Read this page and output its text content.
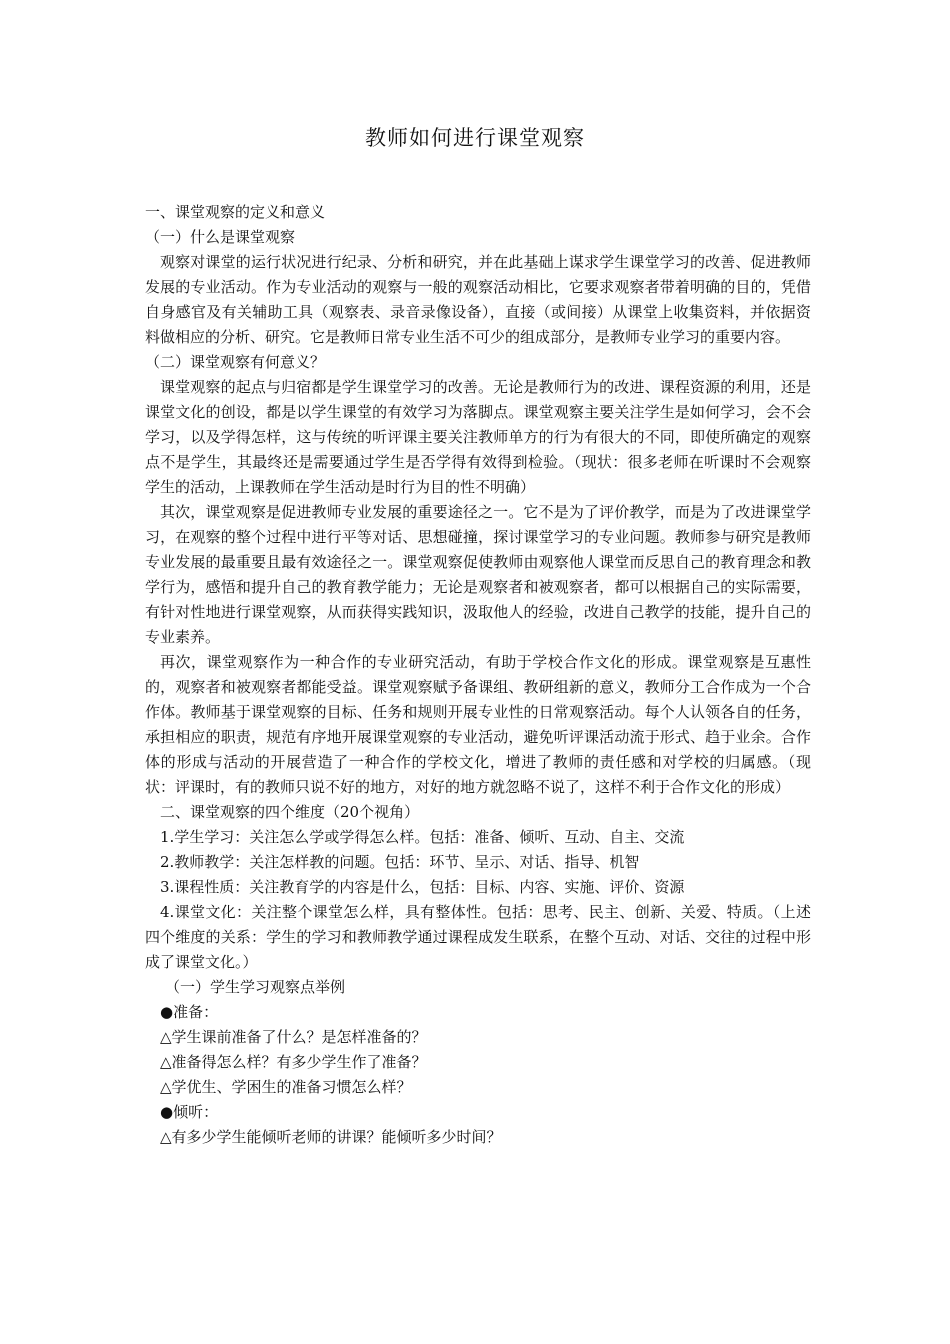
教师如何进行课堂观察

一、课堂观察的定义和意义

（一）什么是课堂观察

观察对课堂的运行状况进行纪录、分析和研究，并在此基础上谋求学生课堂学习的改善、促进教师发展的专业活动。作为专业活动的观察与一般的观察活动相比，它要求观察者带着明确的目的，凭借自身感官及有关辅助工具（观察表、录音录像设备），直接（或间接）从课堂上收集资料，并依据资料做相应的分析、研究。它是教师日常专业生活不可少的组成部分，是教师专业学习的重要内容。

（二）课堂观察有何意义？

课堂观察的起点与归宿都是学生课堂学习的改善。无论是教师行为的改进、课程资源的利用，还是课堂文化的创设，都是以学生课堂的有效学习为落脚点。课堂观察主要关注学生是如何学习，会不会学习，以及学得怎样，这与传统的听评课主要关注教师单方的行为有很大的不同，即使所确定的观察点不是学生，其最终还是需要通过学生是否学得有效得到检验。（现状：很多老师在听课时不会观察学生的活动，上课教师在学生活动是时行为目的性不明确）

其次，课堂观察是促进教师专业发展的重要途径之一。它不是为了评价教学，而是为了改进课堂学习，在观察的整个过程中进行平等对话、思想碰撞，探讨课堂学习的专业问题。教师参与研究是教师专业发展的最重要且最有效途径之一。课堂观察促使教师由观察他人课堂而反思自己的教育理念和教学行为，感悟和提升自己的教育教学能力；无论是观察者和被观察者，都可以根据自己的实际需要，有针对性地进行课堂观察，从而获得实践知识，汲取他人的经验，改进自己教学的技能，提升自己的专业素养。

再次，课堂观察作为一种合作的专业研究活动，有助于学校合作文化的形成。课堂观察是互惠性的，观察者和被观察者都能受益。课堂观察赋予备课组、教研组新的意义，教师分工合作成为一个合作体。教师基于课堂观察的目标、任务和规则开展专业性的日常观察活动。每个人认领各自的任务，承担相应的职责，规范有序地开展课堂观察的专业活动，避免听评课活动流于形式、趋于业余。合作体的形成与活动的开展营造了一种合作的学校文化，增进了教师的责任感和对学校的归属感。（现状：评课时，有的教师只说不好的地方，对好的地方就忽略不说了，这样不利于合作文化的形成）

二、课堂观察的四个维度（20个视角）

1.学生学习：关注怎么学或学得怎么样。包括：准备、倾听、互动、自主、交流

2.教师教学：关注怎样教的问题。包括：环节、呈示、对话、指导、机智

3.课程性质：关注教育学的内容是什么，包括：目标、内容、实施、评价、资源

4.课堂文化：关注整个课堂怎么样，具有整体性。包括：思考、民主、创新、关爱、特质。（上述四个维度的关系：学生的学习和教师教学通过课程成发生联系，在整个互动、对话、交往的过程中形成了课堂文化。）

（一）学生学习观察点举例

●准备：

△学生课前准备了什么？是怎样准备的？

△准备得怎么样？有多少学生作了准备？

△学优生、学困生的准备习惯怎么样？

●倾听：

△有多少学生能倾听老师的讲课？能倾听多少时间？
